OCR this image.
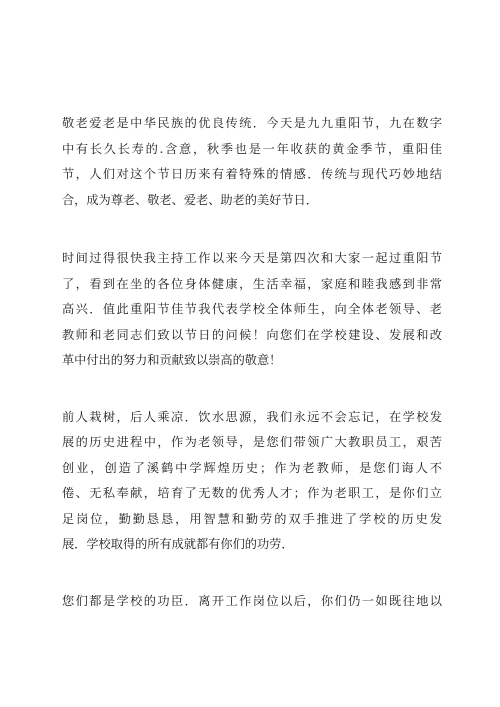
敬老爱老是中华民族的优良传统．今天是九九重阳节，九在数字
中有长久长寿的.含意，秋季也是一年收获的黄金季节，重阳佳
节，人们对这个节日历来有着特殊的情感．传统与现代巧妙地结
合，成为尊老、敬老、爱老、助老的美好节日．

时间过得很快我主持工作以来今天是第四次和大家一起过重阳节
了，看到在坐的各位身体健康，生活幸福，家庭和睦我感到非常
高兴．值此重阳节佳节我代表学校全体师生，向全体老领导、老
教师和老同志们致以节日的问候！向您们在学校建设、发展和改
革中付出的努力和贡献致以崇高的敬意！

前人栽树，后人乘凉．饮水思源，我们永远不会忘记，在学校发
展的历史进程中，作为老领导，是您们带领广大教职员工，艰苦
创业，创造了溪鹤中学辉煌历史；作为老教师，是您们诲人不
倦、无私奉献，培育了无数的优秀人才；作为老职工，是你们立
足岗位，勤勤恳恳，用智慧和勤劳的双手推进了学校的历史发
展．学校取得的所有成就都有你们的功劳．

您们都是学校的功臣．离开工作岗位以后，你们仍一如既往地以
